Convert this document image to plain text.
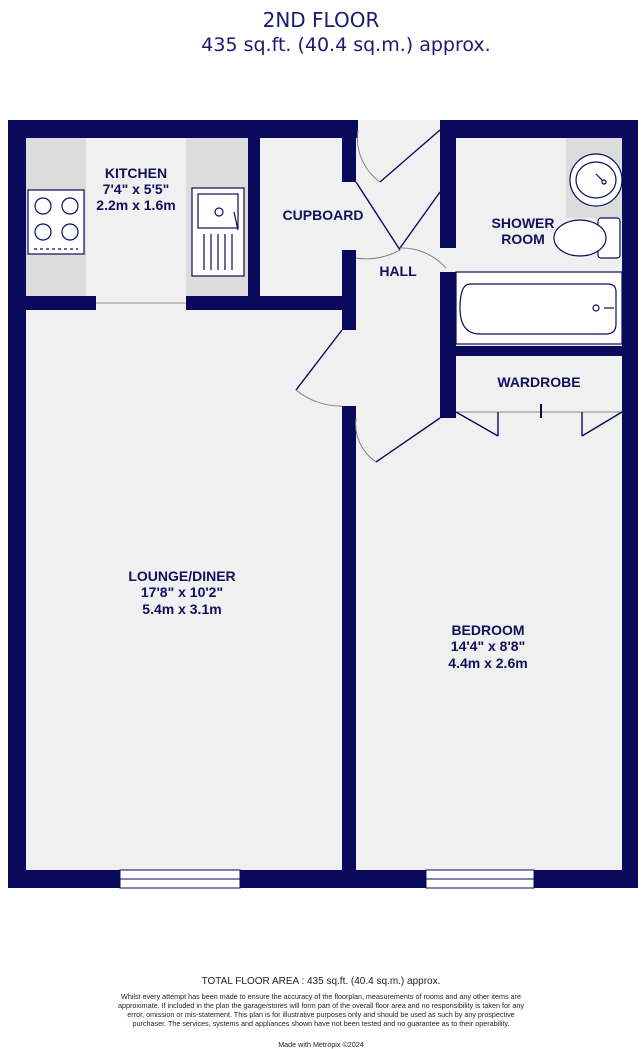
2ND FLOOR
435 sq.ft. (40.4 sq.m.) approx.
KITCHEN
7'4" x 5'5"
2.2m x 1.6m
CUPBOARD
HALL
SHOWER
ROOM
WARDROBE
LOUNGE/DINER
17'8" x 10'2"
5.4m x 3.1m
BEDROOM
14'4" x 8'8"
4.4m x 2.6m
TOTAL FLOOR AREA : 435 sq.ft. (40.4 sq.m.) approx.
Whilst every attempt has been made to ensure the accuracy of the floorplan, measurements of rooms and any other items are approximate. If included in the plan the garage/stores will form part of the overall floor area and no responsibility is taken for any error, omission or mis-statement. This plan is for illustrative purposes only and should be used as such by any prospective purchaser. The services, systems and appliances shown have not been tested and no guarantee as to their operability.
Made with Metropix ©2024
